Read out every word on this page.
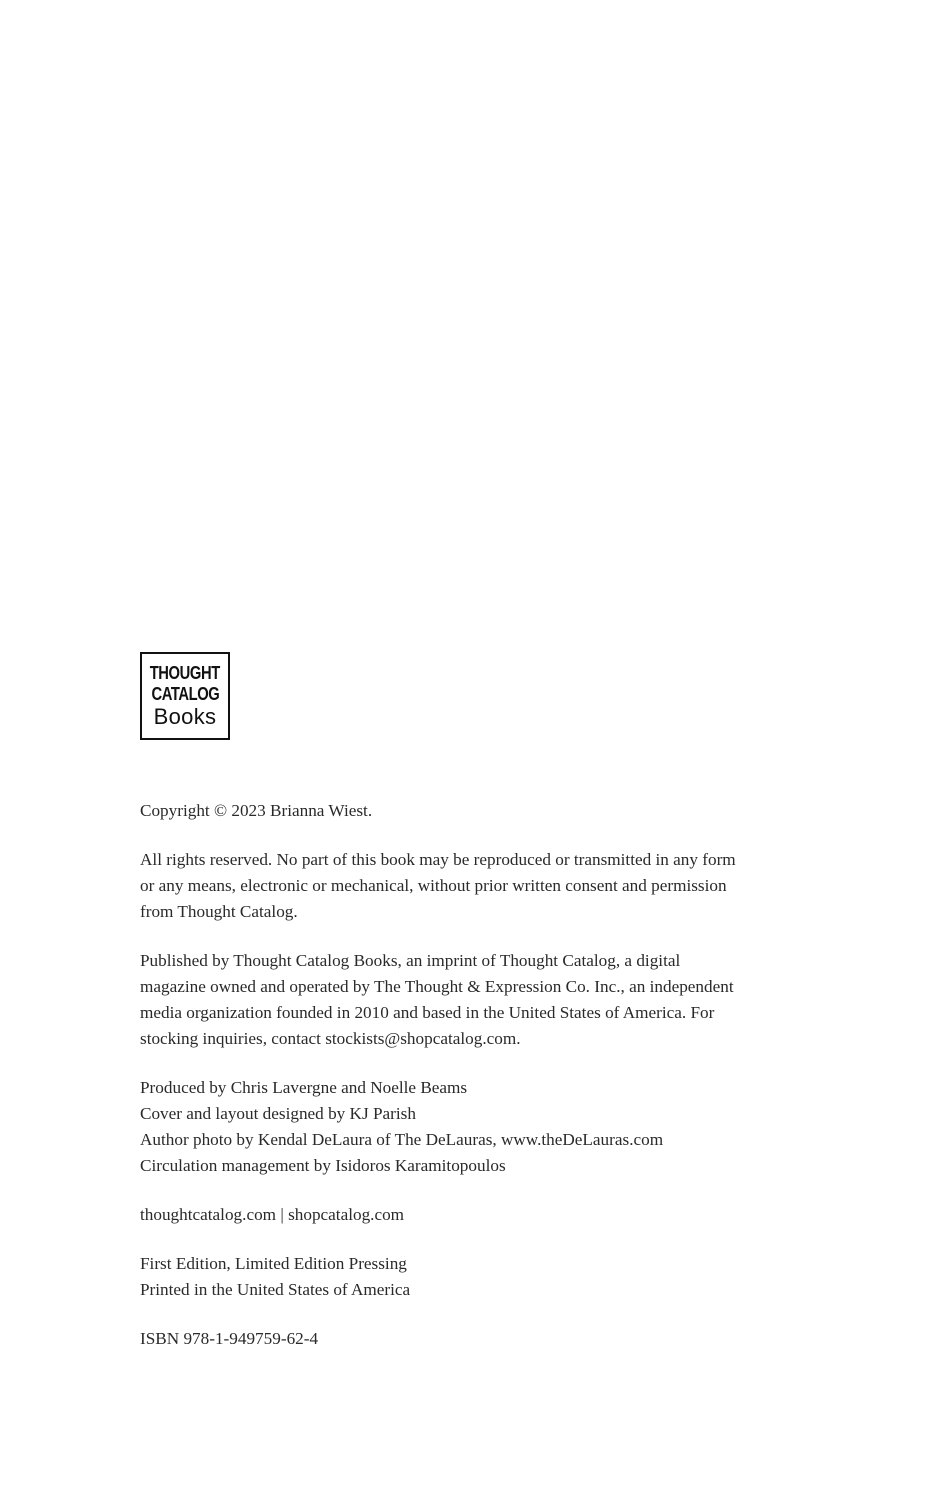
THOUGHT
CATALOG
Books

Copyright © 2023 Brianna Wiest.

All rights reserved. No part of this book may be reproduced or transmitted in any form or any means, electronic or mechanical, without prior written consent and permission from Thought Catalog.

Published by Thought Catalog Books, an imprint of Thought Catalog, a digital magazine owned and operated by The Thought & Expression Co. Inc., an independent media organization founded in 2010 and based in the United States of America. For stocking inquiries, contact stockists@shopcatalog.com.

Produced by Chris Lavergne and Noelle Beams
Cover and layout designed by KJ Parish
Author photo by Kendal DeLaura of The DeLauras, www.theDeLauras.com
Circulation management by Isidoros Karamitopoulos

thoughtcatalog.com | shopcatalog.com

First Edition, Limited Edition Pressing
Printed in the United States of America

ISBN 978-1-949759-62-4
